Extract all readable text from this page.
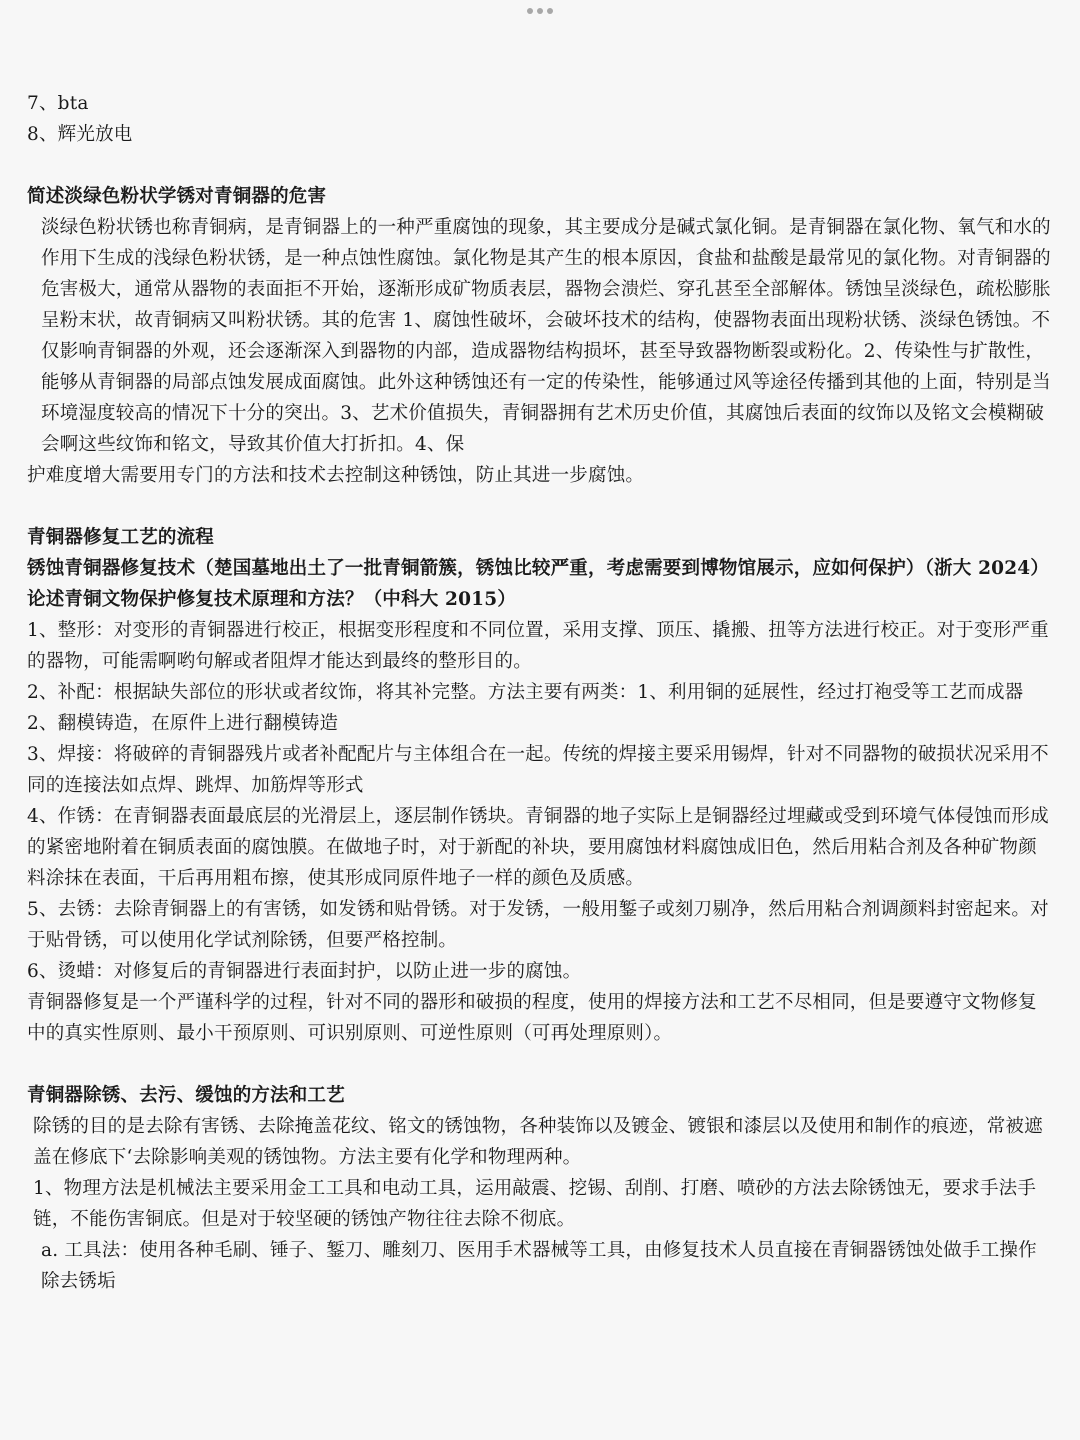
7、bta

8、辉光放电

简述淡绿色粉状学锈对青铜器的危害

淡绿色粉状锈也称青铜病，是青铜器上的一种严重腐蚀的现象，其主要成分是碱式氯化铜。是青铜器在氯化物、氧气和水的作用下生成的浅绿色粉状锈，是一种点蚀性腐蚀。氯化物是其产生的根本原因，食盐和盐酸是最常见的氯化物。对青铜器的危害极大，通常从器物的表面拒不开始，逐渐形成矿物质表层，器物会溃烂、穿孔甚至全部解体。锈蚀呈淡绿色，疏松膨胀呈粉末状，故青铜病又叫粉状锈。其的危害 1、腐蚀性破坏，会破坏技术的结构，使器物表面出现粉状锈、淡绿色锈蚀。不仅影响青铜器的外观，还会逐渐深入到器物的内部，造成器物结构损坏，甚至导致器物断裂或粉化。2、传染性与扩散性，能够从青铜器的局部点蚀发展成面腐蚀。此外这种锈蚀还有一定的传染性，能够通过风等途径传播到其他的上面，特别是当环境湿度较高的情况下十分的突出。3、艺术价值损失，青铜器拥有艺术历史价值，其腐蚀后表面的纹饰以及铭文会模糊破会啊这些纹饰和铭文，导致其价值大打折扣。4、保

护难度增大需要用专门的方法和技术去控制这种锈蚀，防止其进一步腐蚀。

青铜器修复工艺的流程

锈蚀青铜器修复技术（楚国墓地出土了一批青铜箭簇，锈蚀比较严重，考虑需要到博物馆展示，应如何保护）（浙大 2024）

论述青铜文物保护修复技术原理和方法？（中科大 2015）

1、整形：对变形的青铜器进行校正，根据变形程度和不同位置，采用支撑、顶压、撬搬、扭等方法进行校正。对于变形严重的器物，可能需啊哟句解或者阻焊才能达到最终的整形目的。

2、补配：根据缺失部位的形状或者纹饰，将其补完整。方法主要有两类：1、利用铜的延展性，经过打袍受等工艺而成器 2、翻模铸造，在原件上进行翻模铸造

3、焊接：将破碎的青铜器残片或者补配配片与主体组合在一起。传统的焊接主要采用锡焊，针对不同器物的破损状况采用不同的连接法如点焊、跳焊、加筋焊等形式

4、作锈：在青铜器表面最底层的光滑层上，逐层制作锈块。青铜器的地子实际上是铜器经过埋藏或受到环境气体侵蚀而形成的紧密地附着在铜质表面的腐蚀膜。在做地子时，对于新配的补块，要用腐蚀材料腐蚀成旧色，然后用粘合剂及各种矿物颜料涂抹在表面，干后再用粗布擦，使其形成同原件地子一样的颜色及质感。

5、去锈：去除青铜器上的有害锈，如发锈和贴骨锈。对于发锈，一般用錾子或刻刀剔净，然后用粘合剂调颜料封密起来。对于贴骨锈，可以使用化学试剂除锈，但要严格控制。

6、烫蜡：对修复后的青铜器进行表面封护，以防止进一步的腐蚀。

青铜器修复是一个严谨科学的过程，针对不同的器形和破损的程度，使用的焊接方法和工艺不尽相同，但是要遵守文物修复中的真实性原则、最小干预原则、可识别原则、可逆性原则（可再处理原则）。

青铜器除锈、去污、缓蚀的方法和工艺

除锈的目的是去除有害锈、去除掩盖花纹、铭文的锈蚀物，各种装饰以及镀金、镀银和漆层以及使用和制作的痕迹，常被遮盖在修底下‘去除影响美观的锈蚀物。方法主要有化学和物理两种。

1、物理方法是机械法主要采用金工工具和电动工具，运用敲震、挖锡、刮削、打磨、喷砂的方法去除锈蚀无，要求手法手链，不能伤害铜底。但是对于较坚硬的锈蚀产物往往去除不彻底。

a. 工具法：使用各种毛刷、锤子、錾刀、雕刻刀、医用手术器械等工具，由修复技术人员直接在青铜器锈蚀处做手工操作除去锈垢
